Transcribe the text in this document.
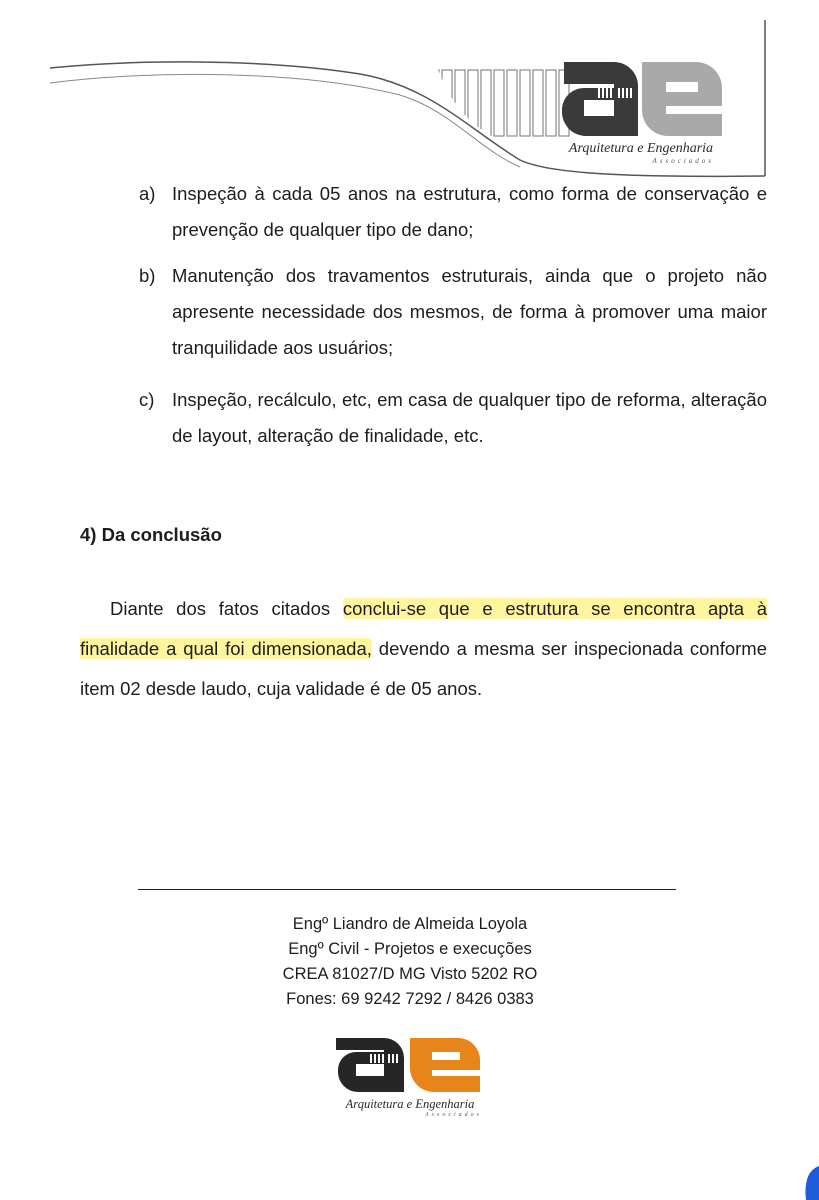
Arquitetura e Engenharia
Associados
a) Inspeção à cada 05 anos na estrutura, como forma de conservação e prevenção de qualquer tipo de dano;
b) Manutenção dos travamentos estruturais, ainda que o projeto não apresente necessidade dos mesmos, de forma à promover uma maior tranquilidade aos usuários;
c) Inspeção, recálculo, etc, em casa de qualquer tipo de reforma, alteração de layout, alteração de finalidade, etc.
4) Da conclusão
Diante dos fatos citados conclui-se que e estrutura se encontra apta à finalidade a qual foi dimensionada, devendo a mesma ser inspecionada conforme item 02 desde laudo, cuja validade é de 05 anos.
Engº Liandro de Almeida Loyola
Engº Civil - Projetos e execuções
CREA 81027/D MG Visto 5202 RO
Fones: 69 9242 7292 / 8426 0383
Arquitetura e Engenharia
Associados
